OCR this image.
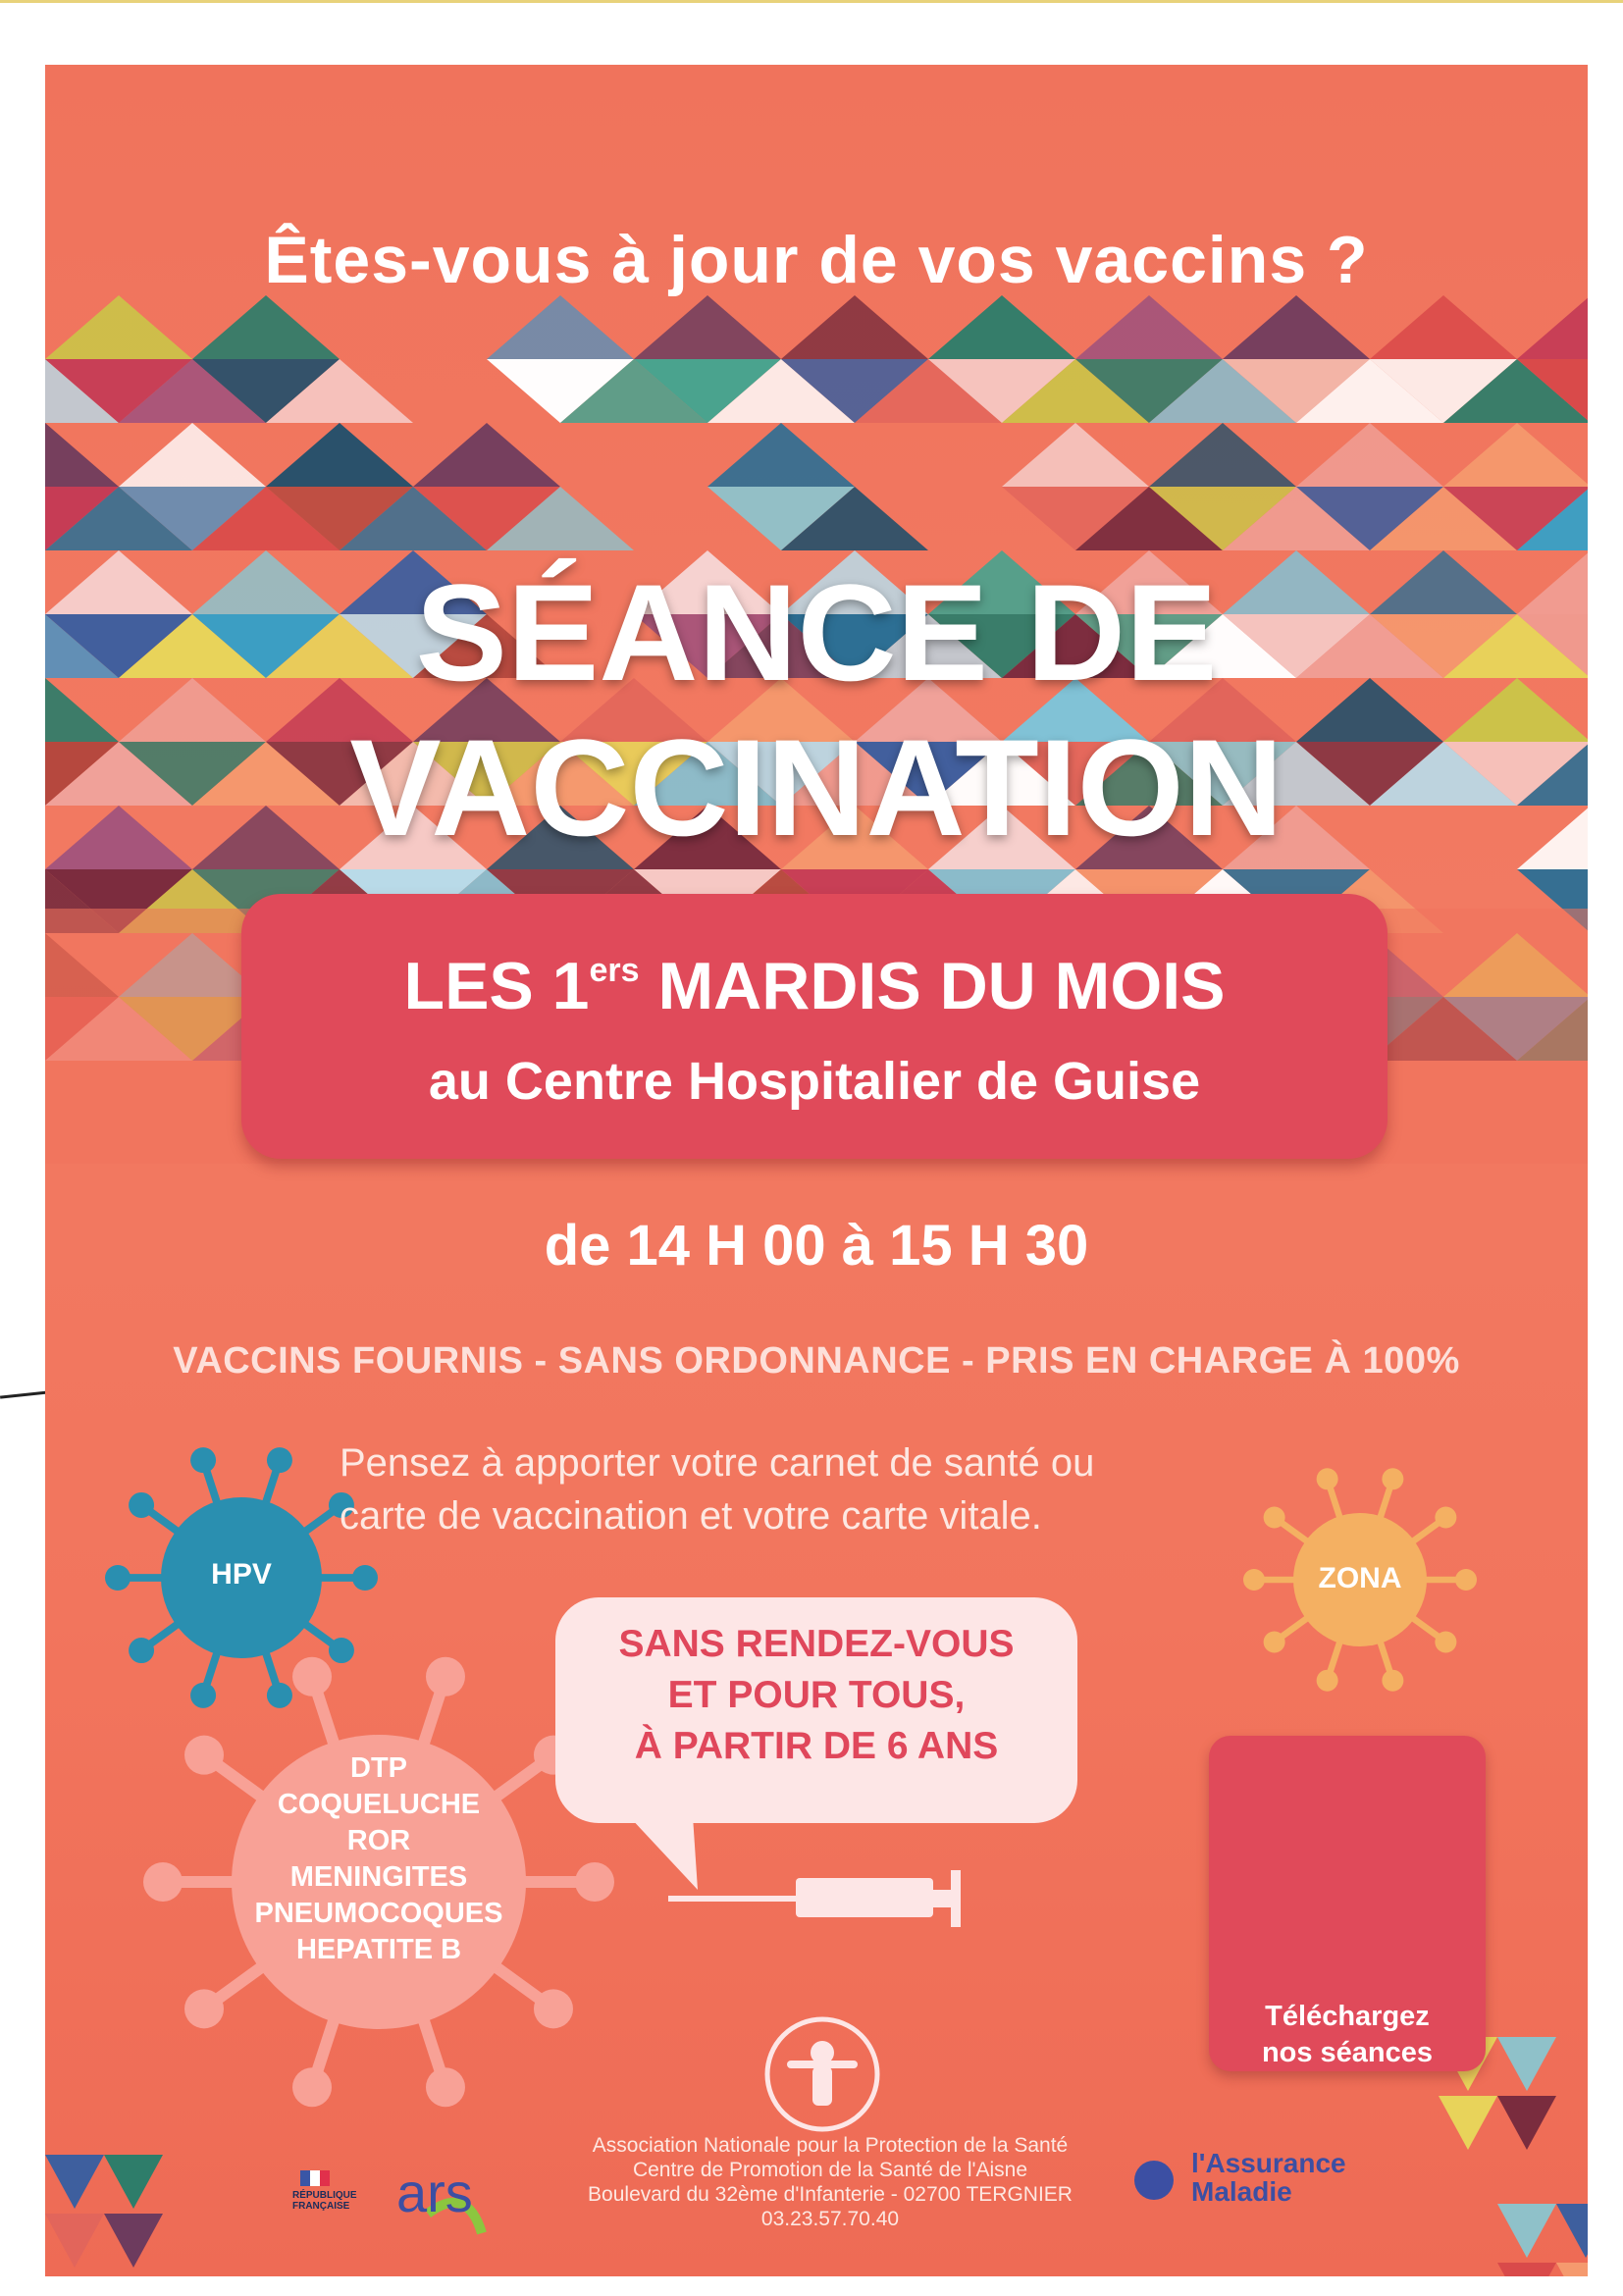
Êtes-vous à jour de vos vaccins ?
SÉANCE DE
VACCINATION
LES 1ers MARDIS DU MOIS
au Centre Hospitalier de Guise
de 14 H 00 à 15 H 30
VACCINS FOURNIS - SANS ORDONNANCE - PRIS EN CHARGE À 100%
Pensez à apporter votre carnet de santé ou
carte de vaccination et votre carte vitale.
HPV	ZONA
DTP
COQUELUCHE
ROR
MENINGITES
PNEUMOCOQUES
HEPATITE B
SANS RENDEZ-VOUS
ET POUR TOUS,
À PARTIR DE 6 ANS
Téléchargez
nos séances
Association Nationale pour la Protection de la Santé
Centre de Promotion de la Santé de l'Aisne
Boulevard du 32ème d'Infanterie - 02700 TERGNIER
03.23.57.70.40
RÉPUBLIQUE
FRANÇAISE ars	l'Assurance
Maladie
